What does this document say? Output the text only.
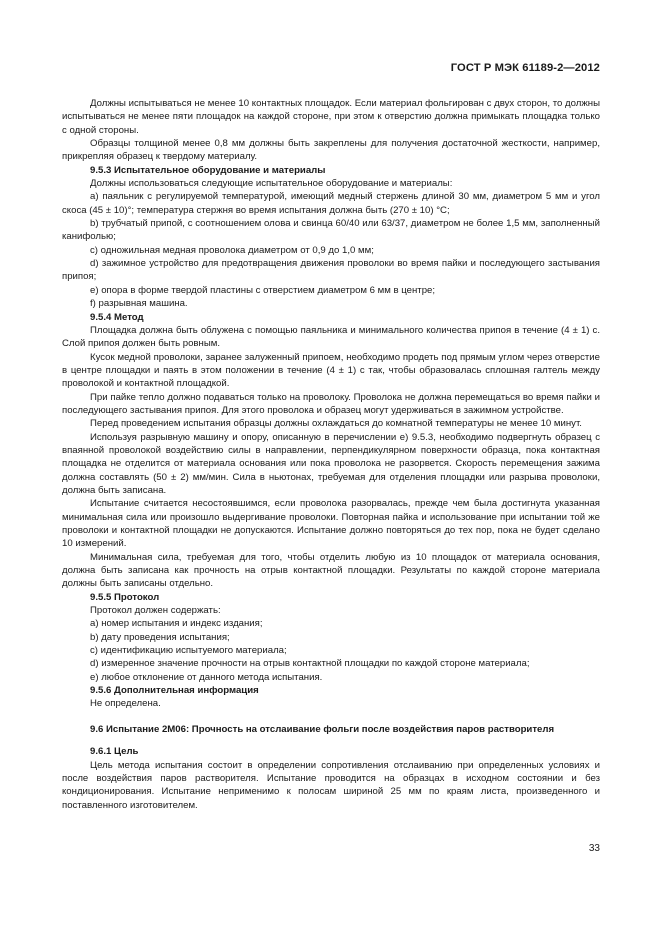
ГОСТ Р МЭК 61189-2—2012

Должны испытываться не менее 10 контактных площадок. Если материал фольгирован с двух сторон, то должны испытываться не менее пяти площадок на каждой стороне, при этом к отверстию должна примыкать площадка только с одной стороны.

Образцы толщиной менее 0,8 мм должны быть закреплены для получения достаточной жесткости, например, прикрепляя образец к твердому материалу.

9.5.3 Испытательное оборудование и материалы

Должны использоваться следующие испытательное оборудование и материалы:

а) паяльник с регулируемой температурой, имеющий медный стержень длиной 30 мм, диаметром 5 мм и угол скоса (45 ± 10)°; температура стержня во время испытания должна быть (270 ± 10) °С;

b) трубчатый припой, с соотношением олова и свинца 60/40 или 63/37, диаметром не более 1,5 мм, заполненный канифолью;

c) одножильная медная проволока диаметром от 0,9 до 1,0 мм;

d) зажимное устройство для предотвращения движения проволоки во время пайки и последующего застывания припоя;

e) опора в форме твердой пластины с отверстием диаметром 6 мм в центре;

f) разрывная машина.

9.5.4 Метод

Площадка должна быть облужена с помощью паяльника и минимального количества припоя в течение (4 ± 1) с. Слой припоя должен быть ровным.

Кусок медной проволоки, заранее залуженный припоем, необходимо продеть под прямым углом через отверстие в центре площадки и паять в этом положении в течение (4 ± 1) с так, чтобы образовалась сплошная галтель между проволокой и контактной площадкой.

При пайке тепло должно подаваться только на проволоку. Проволока не должна перемещаться во время пайки и последующего застывания припоя. Для этого проволока и образец могут удерживаться в зажимном устройстве.

Перед проведением испытания образцы должны охлаждаться до комнатной температуры не менее 10 минут.

Используя разрывную машину и опору, описанную в перечислении е) 9.5.3, необходимо подвергнуть образец с впаянной проволокой воздействию силы в направлении, перпендикулярном поверхности образца, пока контактная площадка не отделится от материала основания или пока проволока не разорвется. Скорость перемещения зажима должна составлять (50 ± 2) мм/мин. Сила в ньютонах, требуемая для отделения площадки или разрыва проволоки, должна быть записана.

Испытание считается несостоявшимся, если проволока разорвалась, прежде чем была достигнута указанная минимальная сила или произошло выдергивание проволоки. Повторная пайка и использование при испытании той же проволоки и контактной площадки не допускаются. Испытание должно повторяться до тех пор, пока не будет сделано 10 измерений.

Минимальная сила, требуемая для того, чтобы отделить любую из 10 площадок от материала основания, должна быть записана как прочность на отрыв контактной площадки. Результаты по каждой стороне материала должны быть записаны отдельно.

9.5.5 Протокол

Протокол должен содержать:

а) номер испытания и индекс издания;

b) дату проведения испытания;

c) идентификацию испытуемого материала;

d) измеренное значение прочности на отрыв контактной площадки по каждой стороне материала;

e) любое отклонение от данного метода испытания.

9.5.6 Дополнительная информация

Не определена.

9.6 Испытание 2М06: Прочность на отслаивание фольги после воздействия паров растворителя

9.6.1 Цель

Цель метода испытания состоит в определении сопротивления отслаиванию при определенных условиях и после воздействия паров растворителя. Испытание проводится на образцах в исходном состоянии и без кондиционирования. Испытание неприменимо к полосам шириной 25 мм по краям листа, произведенного и поставленного изготовителем.

33
